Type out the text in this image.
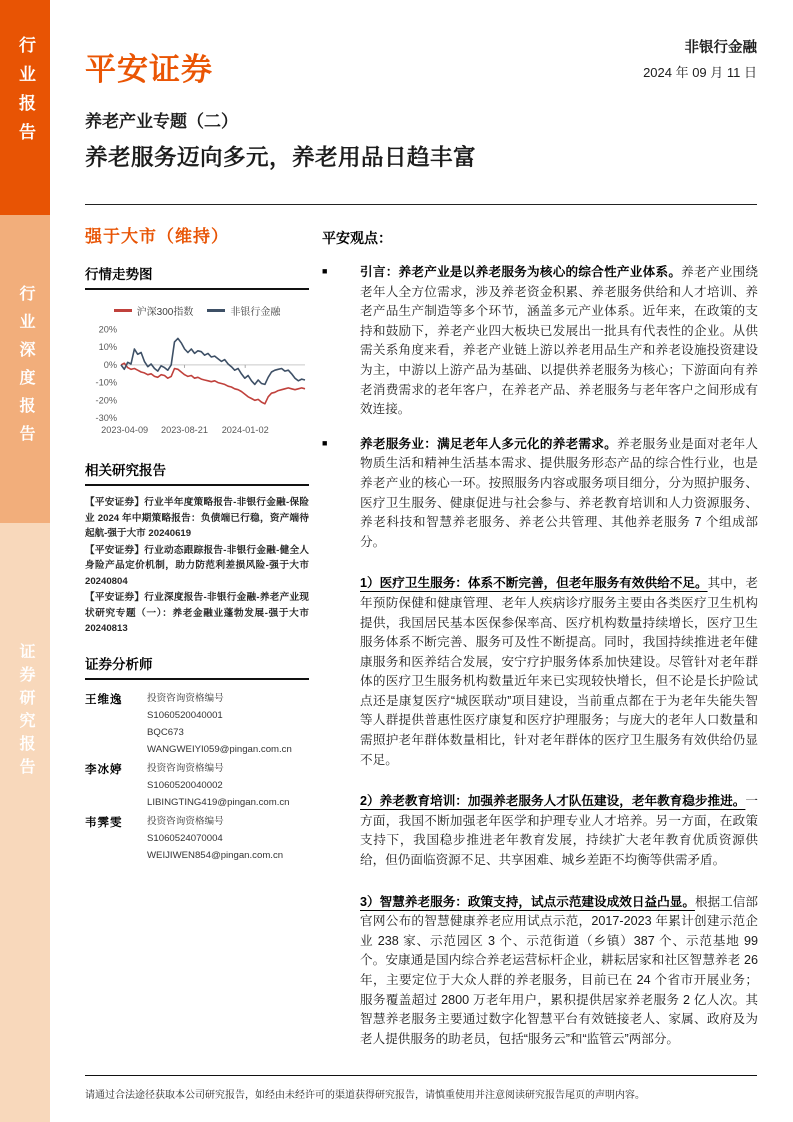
行业报告
行业深度报告
证券研究报告
平安证券
非银行金融
2024 年 09 月 11 日
养老产业专题（二）
养老服务迈向多元，养老用品日趋丰富
强于大市（维持）
行情走势图
沪深300指数	非银行金融
2023-04-09 2023-08-21 2024-01-02
20%
10%
0%
-10%
-20%
-30%
相关研究报告
【平安证券】行业半年度策略报告-非银行金融-保险业 2024 年中期策略报告：负债端已行稳，资产端待起航-强于大市 20240619
【平安证券】行业动态跟踪报告-非银行金融-健全人身险产品定价机制，助力防范利差损风险-强于大市 20240804
【平安证券】行业深度报告-非银行金融-养老产业现状研究专题（一）：养老金融业蓬勃发展-强于大市 20240813
证券分析师
王维逸	投资咨询资格编号
S1060520040001
BQC673
WANGWEIYI059@pingan.com.cn
李冰婷	投资咨询资格编号
S1060520040002
LIBINGTING419@pingan.com.cn
韦霁雯	投资咨询资格编号
S1060524070004
WEIJIWEN854@pingan.com.cn
平安观点：
■

引言：养老产业是以养老服务为核心的综合性产业体系。养老产业围绕老年人全方位需求，涉及养老资金积累、养老服务供给和人才培训、养老产品生产制造等多个环节，涵盖多元产业体系。近年来，在政策的支持和鼓励下，养老产业四大板块已发展出一批具有代表性的企业。从供需关系角度来看，养老产业链上游以养老用品生产和养老设施投资建设为主，中游以上游产品为基础、以提供养老服务为核心；下游面向有养老消费需求的老年客户，在养老产品、养老服务与老年客户之间形成有效连接。

■

养老服务业：满足老年人多元化的养老需求。养老服务业是面对老年人物质生活和精神生活基本需求、提供服务形态产品的综合性行业，也是养老产业的核心一环。按照服务内容或服务项目细分，分为照护服务、医疗卫生服务、健康促进与社会参与、养老教育培训和人力资源服务、养老科技和智慧养老服务、养老公共管理、其他养老服务 7 个组成部分。

1）医疗卫生服务：体系不断完善，但老年服务有效供给不足。其中，老年预防保健和健康管理、老年人疾病诊疗服务主要由各类医疗卫生机构提供，我国居民基本医保参保率高、医疗机构数量持续增长，医疗卫生服务体系不断完善、服务可及性不断提高。同时，我国持续推进老年健康服务和医养结合发展，安宁疗护服务体系加快建设。尽管针对老年群体的医疗卫生服务机构数量近年来已实现较快增长，但不论是长护险试点还是康复医疗“城医联动”项目建设，当前重点都在于为老年失能失智等人群提供普惠性医疗康复和医疗护理服务；与庞大的老年人口数量和需照护老年群体数量相比，针对老年群体的医疗卫生服务有效供给仍显不足。

2）养老教育培训：加强养老服务人才队伍建设，老年教育稳步推进。一方面，我国不断加强老年医学和护理专业人才培养。另一方面，在政策支持下，我国稳步推进老年教育发展，持续扩大老年教育优质资源供给，但仍面临资源不足、共享困难、城乡差距不均衡等供需矛盾。

3）智慧养老服务：政策支持，试点示范建设成效日益凸显。根据工信部官网公布的智慧健康养老应用试点示范，2017-2023 年累计创建示范企业 238 家、示范园区 3 个、示范街道（乡镇）387 个、示范基地 99 个。安康通是国内综合养老运营标杆企业，耕耘居家和社区智慧养老 26 年，主要定位于大众人群的养老服务，目前已在 24 个省市开展业务；服务覆盖超过 2800 万老年用户，累积提供居家养老服务 2 亿人次。其智慧养老服务主要通过数字化智慧平台有效链接老人、家属、政府及为老人提供服务的助老员，包括“服务云”和“监管云”两部分。

请通过合法途径获取本公司研究报告，如经由未经许可的渠道获得研究报告，请慎重使用并注意阅读研究报告尾页的声明内容。
